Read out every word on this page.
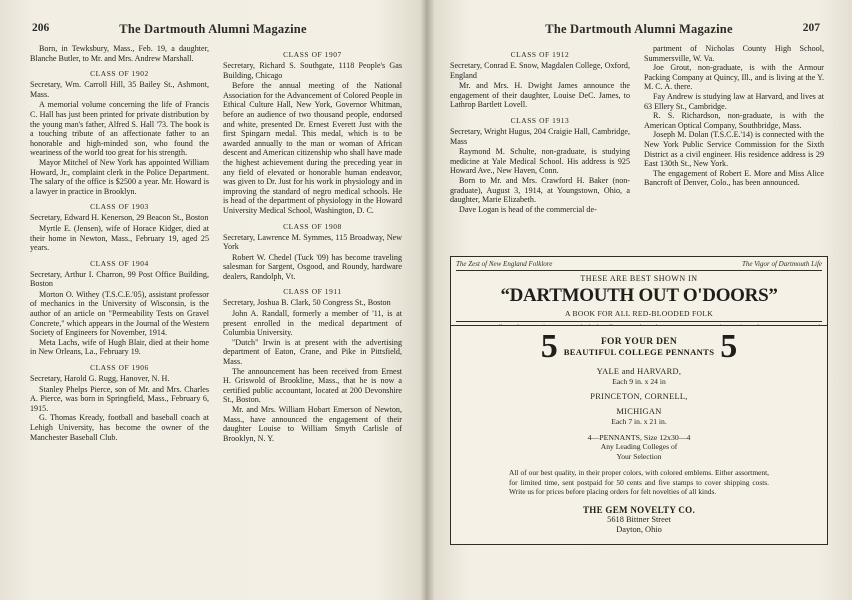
206	The Dartmouth Alumni Magazine

Born, in Tewksbury, Mass., Feb. 19, a daughter, Blanche Butler, to Mr. and Mrs. Andrew Marshall.

CLASS OF 1902
Secretary, Wm. Carroll Hill, 35 Bailey St., Ashmont, Mass.

A memorial volume concerning the life of Francis C. Hall has just been printed for private distribution by the young man's father, Alfred S. Hall '73. The book is a touching tribute of an affectionate father to an honorable and high-minded son, who found the weariness of the world too great for his strength.

Mayor Mitchel of New York has appointed William Howard, Jr., complaint clerk in the Police Department. The salary of the office is $2500 a year. Mr. Howard is a lawyer in practice in Brooklyn.

CLASS OF 1903
Secretary, Edward H. Kenerson, 29 Beacon St., Boston

Myrtle E. (Jensen), wife of Horace Kidger, died at their home in Newton, Mass., February 19, aged 25 years.

CLASS OF 1904
Secretary, Arthur I. Charron, 99 Post Office Building, Boston

Morton O. Withey (T.S.C.E.'05), assistant professor of mechanics in the University of Wisconsin, is the author of an article on "Permeability Tests on Gravel Concrete," which appears in the Journal of the Western Society of Engineers for November, 1914.

Meta Lachs, wife of Hugh Blair, died at their home in New Orleans, La., February 19.

CLASS OF 1906
Secretary, Harold G. Rugg, Hanover, N. H.

Stanley Phelps Pierce, son of Mr. and Mrs. Charles A. Pierce, was born in Springfield, Mass., February 6, 1915.

G. Thomas Kready, football and baseball coach at Lehigh University, has become the owner of the Manchester Baseball Club.

CLASS OF 1907
Secretary, Richard S. Southgate, 1118 People's Gas Building, Chicago

Before the annual meeting of the National Association for the Advancement of Colored People in Ethical Culture Hall, New York, Governor Whitman, before an audience of two thousand people, endorsed and white, presented Dr. Ernest Everett Just with the first Spingarn medal. This medal, which is to be awarded annually to the man or woman of African descent and American citizenship who shall have made the highest achievement during the preceding year in any field of elevated or honorable human endeavor, was given to Dr. Just for his work in physiology and in improving the standard of negro medical schools. He is head of the department of physiology in the Howard University Medical School, Washington, D. C.

CLASS OF 1908
Secretary, Lawrence M. Symmes, 115 Broadway, New York

Robert W. Chedel (Tuck '09) has become traveling salesman for Sargent, Osgood, and Roundy, hardware dealers, Randolph, Vt.

CLASS OF 1911
Secretary, Joshua B. Clark, 50 Congress St., Boston

John A. Randall, formerly a member of '11, is at present enrolled in the medical department of Columbia University.

"Dutch" Irwin is at present with the advertising department of Eaton, Crane, and Pike in Pittsfield, Mass.

The announcement has been received from Ernest H. Griswold of Brookline, Mass., that he is now a certified public accountant, located at 200 Devonshire St., Boston.

Mr. and Mrs. William Hobart Emerson of Newton, Mass., have announced the engagement of their daughter Louise to William Smyth Carlisle of Brooklyn, N. Y.

207
The Dartmouth Alumni Magazine
CLASS OF 1912
Secretary, Conrad E. Snow, Magdalen College, Oxford, England

Mr. and Mrs. H. Dwight James announce the engagement of their daughter, Louise DeC. James, to Lathrop Bartlett Lovell.

CLASS OF 1913
Secretary, Wright Hugus, 204 Craigie Hall, Cambridge, Mass

Raymond M. Schulte, non-graduate, is studying medicine at Yale Medical School. His address is 925 Howard Ave., New Haven, Conn.

Born to Mr. and Mrs. Crawford H. Baker (non-graduate), August 3, 1914, at Youngstown, Ohio, a daughter, Marie Elizabeth.

Dave Logan is head of the commercial de-

partment of Nicholas County High School, Summersville, W. Va.

Joe Grout, non-graduate, is with the Armour Packing Company at Quincy, Ill., and is living at the Y. M. C. A. there.

Fay Andrew is studying law at Harvard, and lives at 63 Ellery St., Cambridge.

R. S. Richardson, non-graduate, is with the American Optical Company, Southbridge, Mass.

Joseph M. Dolan (T.S.C.E.'14) is connected with the New York Public Service Commission for the Sixth District as a civil engineer. His residence address is 29 East 130th St., New York.

The engagement of Robert E. More and Miss Alice Bancroft of Denver, Colo., has been announced.

The Zest of New England Folklore	The Vigor of Dartmouth Life
THESE ARE BEST SHOWN IN
“DARTMOUTH OUT O'DOORS”
A BOOK FOR ALL RED-BLOODED FOLK
5	FOR YOUR DEN
BEAUTIFUL COLLEGE PENNANTS 5
YALE and HARVARD,
Each 9 in. x 24 in
PRINCETON, CORNELL,
MICHIGAN
Each 7 in. x 21 in.
4—PENNANTS, Size 12x30—4
Any Leading Colleges of
Your Selection
All of our best quality, in their proper colors, with colored emblems. Either assortment, for limited time, sent postpaid for 50 cents and five stamps to cover shipping costs. Write us for prices before placing orders for felt novelties of all kinds.
THE GEM NOVELTY CO.
5618 Bittner Street
Dayton, Ohio
